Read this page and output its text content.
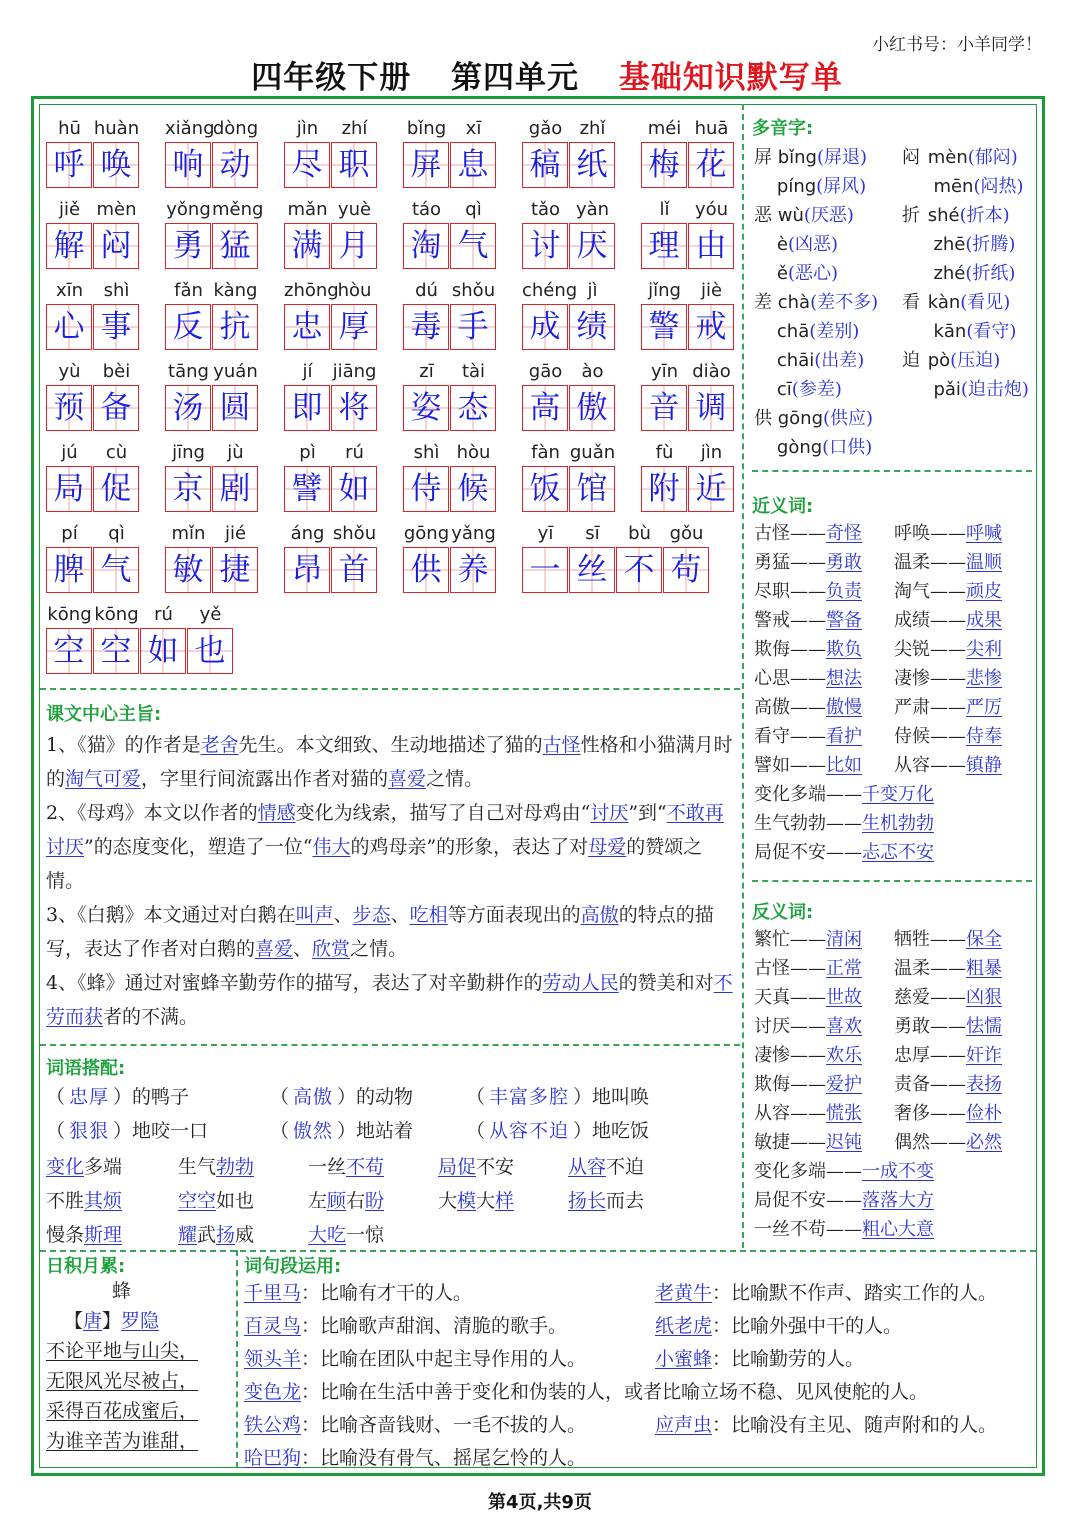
小红书号：小羊同学！
四年级下册 第四单元 基础知识默写单
hū huàn
呼 唤
xiǎng
dòng
响 动
jìn	zhí
尽 职
bǐng	xī
屏 息
gǎo zhǐ
稿 纸
méi huā
梅 花
jiě mèn
解 闷
yǒng měng
勇 猛
mǎn yuè
满 月
táo	qì
淘 气
tǎo yàn
讨 厌
lǐ	yóu
理 由
xīn	shì
心 事
fǎn kàng
反 抗
zhōng
hòu
忠 厚
dú shǒu
毒 手
chéng jì
成 绩
jǐng	jiè
警 戒
yù	bèi
预 备
tāng yuán
汤 圆
jí	jiāng
即 将
zī	tài
姿 态
gāo	ào
高 傲
yīn diào
音 调
jú	cù
局 促
jīng	jù
京 剧
pì	rú
譬 如
shì hòu
侍 候
fàn guǎn
饭 馆
fù	jìn
附 近
pí	qì
脾 气
mǐn	jié
敏 捷
áng shǒu
昂 首
gōng yǎng
供 养
yī	sī	bù	gǒu
一 丝 不 苟
kōng kōng rú	yě
空 空 如 也
多音字:
屏 bǐng(屏退) 闷 mèn(郁闷)
píng(屏风)	mēn(闷热)
恶 wù(厌恶)	折 shé(折本)
è(凶恶)	zhē(折腾)
ě(恶心)	zhé(折纸)
差 chà(差不多) 看 kàn(看见)
chā(差别)	kān(看守)
chāi(出差) 迫 pò(压迫)
cī(参差)	pǎi(迫击炮)
供 gōng(供应)
gòng(口供)
近义词:
古怪——奇怪 呼唤——呼喊
勇猛——勇敢 温柔——温顺
尽职——负责 淘气——顽皮
警戒——警备 成绩——成果
欺侮——欺负 尖锐——尖利
心思——想法 凄惨——悲惨
高傲——傲慢 严肃——严厉
看守——看护 侍候——侍奉
譬如——比如 从容——镇静
变化多端——千变万化
生气勃勃——生机勃勃
局促不安——忐忑不安
反义词:
繁忙——清闲 牺牲——保全
古怪——正常 温柔——粗暴
天真——世故 慈爱——凶狠
讨厌——喜欢 勇敢——怯懦
凄惨——欢乐 忠厚——奸诈
欺侮——爱护 责备——表扬
从容——慌张 奢侈——俭朴
敏捷——迟钝 偶然——必然
变化多端——一成不变
局促不安——落落大方
一丝不苟——粗心大意
课文中心主旨:
1、《猫》的作者是老舍先生。本文细致、生动地描述了猫的古怪性格和小猫满月时的淘气可爱，字里行间流露出作者对猫的喜爱之情。
2、《母鸡》本文以作者的情感变化为线索，描写了自己对母鸡由“讨厌”到“不敢再讨厌”的态度变化，塑造了一位“伟大的鸡母亲”的形象，表达了对母爱的赞颂之情。
3、《白鹅》本文通过对白鹅在叫声、步态、吃相等方面表现出的高傲的特点的描写，表达了作者对白鹅的喜爱、欣赏之情。
4、《蜂》通过对蜜蜂辛勤劳作的描写，表达了对辛勤耕作的劳动人民的赞美和对不劳而获者的不满。
词语搭配:
（ 忠厚 ）的鸭子	（ 高傲 ）的动物	（ 丰富多腔 ）地叫唤
（ 狠狠 ）地咬一口	（ 傲然 ）地站着	（ 从容不迫 ）地吃饭
变化多端	生气勃勃	一丝不苟	局促不安	从容不迫
不胜其烦	空空如也	左顾右盼	大模大样	扬长而去
慢条斯理	耀武扬威	大吃一惊
日积月累:
蜂
【唐】罗隐
不论平地与山尖，
无限风光尽被占，
采得百花成蜜后，
为谁辛苦为谁甜，
词句段运用:
千里马：比喻有才干的人。	老黄牛：比喻默不作声、踏实工作的人。
百灵鸟：比喻歌声甜润、清脆的歌手。	纸老虎：比喻外强中干的人。
领头羊：比喻在团队中起主导作用的人。	小蜜蜂：比喻勤劳的人。
变色龙：比喻在生活中善于变化和伪装的人，或者比喻立场不稳、见风使舵的人。
铁公鸡：比喻吝啬钱财、一毛不拔的人。	应声虫：比喻没有主见、随声附和的人。
哈巴狗：比喻没有骨气、摇尾乞怜的人。
第4页,共9页
